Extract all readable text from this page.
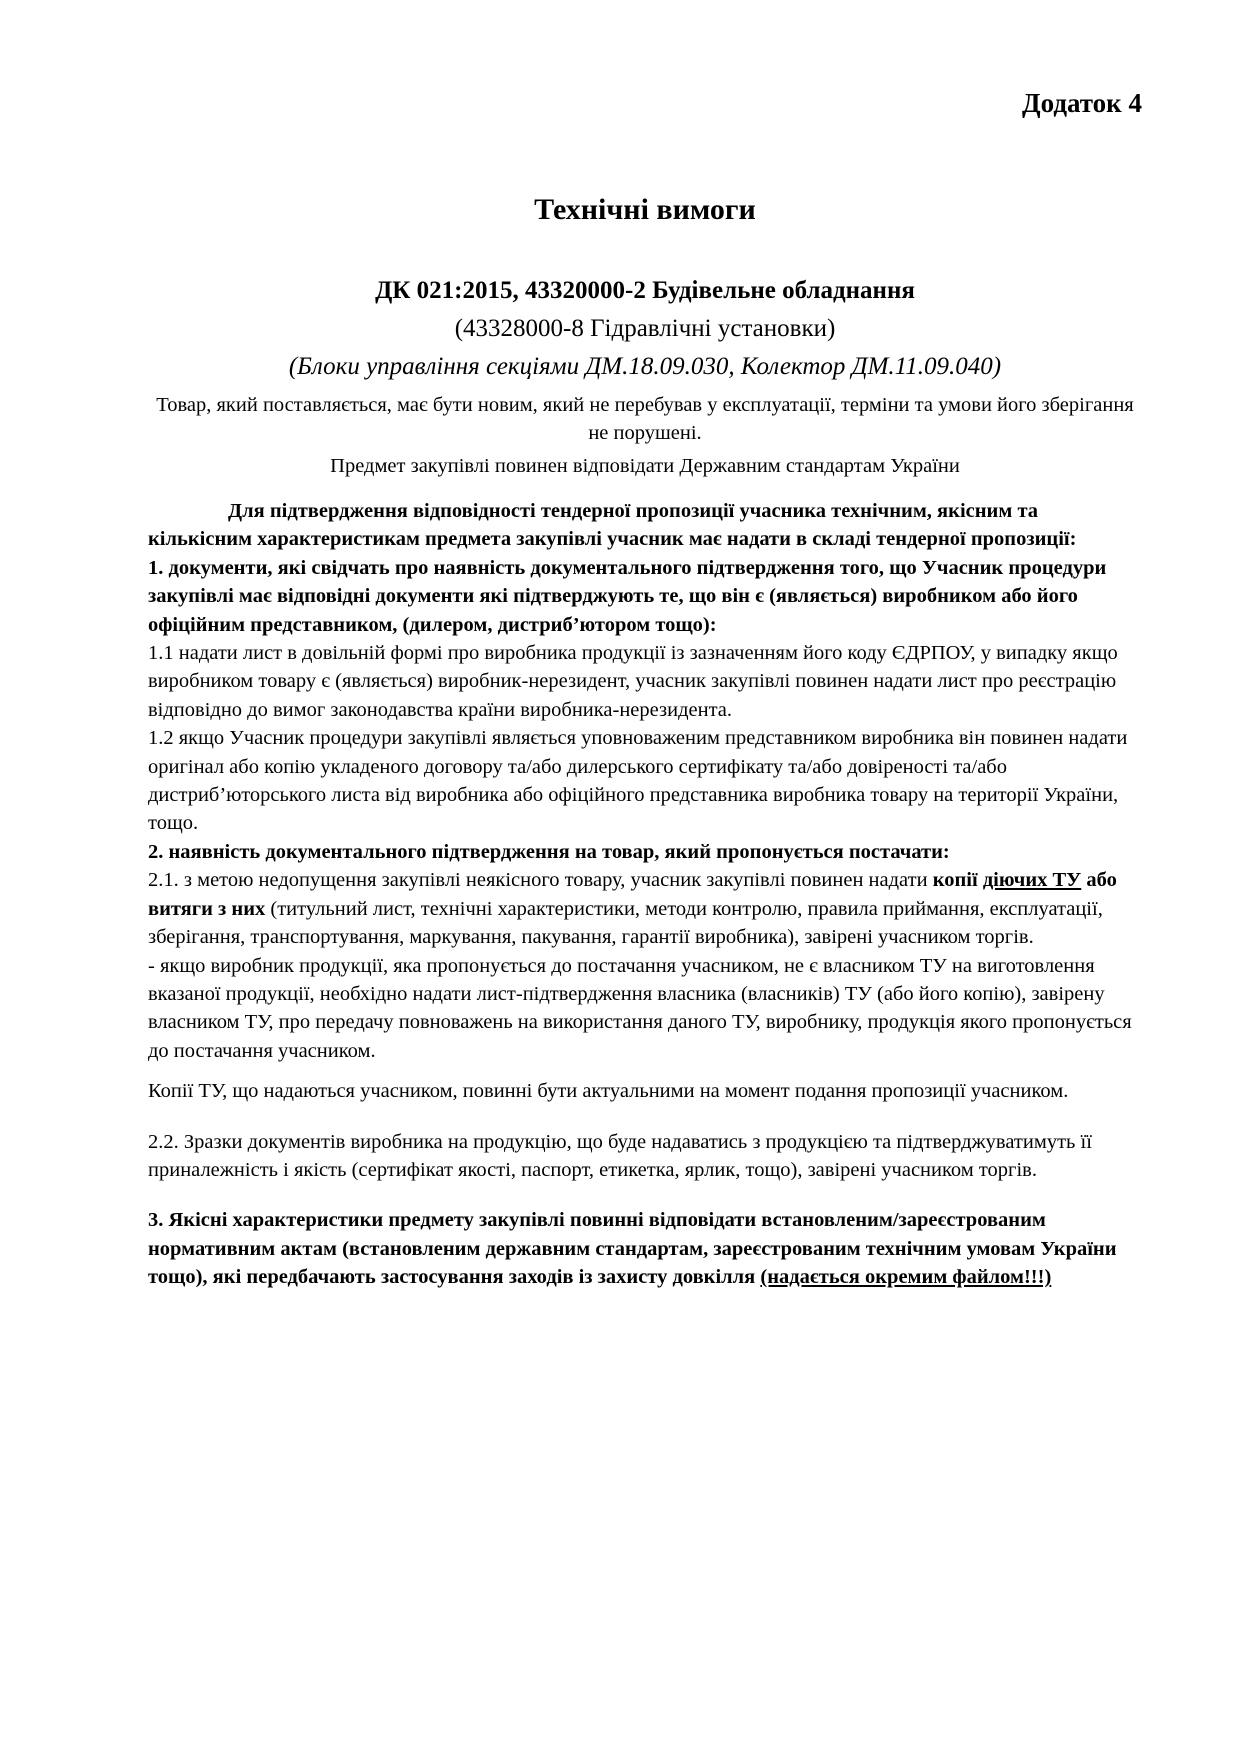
Додаток 4
Технічні вимоги
ДК 021:2015, 43320000-2 Будівельне обладнання
(43328000-8 Гідравлічні установки)
(Блоки управління секціями ДМ.18.09.030, Колектор ДМ.11.09.040)
Товар, який поставляється, має бути новим, який не перебував у експлуатації, терміни та умови його зберігання не порушені.
Предмет закупівлі повинен відповідати Державним стандартам України

Для підтвердження відповідності тендерної пропозиції учасника технічним, якісним та кількісним характеристикам предмета закупівлі учасник має надати в складі тендерної пропозиції:

1. документи, які свідчать про наявність документального підтвердження того, що Учасник процедури закупівлі має відповідні документи які підтверджують те, що він є (являється) виробником або його офіційним представником, (дилером, дистриб’ютором тощо):

1.1 надати лист в довільній формі про виробника продукції із зазначенням його коду ЄДРПОУ, у випадку якщо виробником товару є (являється) виробник-нерезидент, учасник закупівлі повинен надати лист про реєстрацію відповідно до вимог законодавства країни виробника-нерезидента.

1.2 якщо Учасник процедури закупівлі являється уповноваженим представником виробника він повинен надати оригінал або копію укладеного договору та/або дилерського сертифікату та/або довіреності та/або дистриб’юторського листа від виробника або офіційного представника виробника товару на території України, тощо.

2. наявність документального підтвердження на товар, який пропонується постачати:

2.1. з метою недопущення закупівлі неякісного товару, учасник закупівлі повинен надати копії діючих ТУ або витяги з них (титульний лист, технічні характеристики, методи контролю, правила приймання, експлуатації, зберігання, транспортування, маркування, пакування, гарантії виробника), завірені учасником торгів.

- якщо виробник продукції, яка пропонується до постачання учасником, не є власником ТУ на виготовлення вказаної продукції, необхідно надати лист-підтвердження власника (власників) ТУ (або його копію), завірену власником ТУ, про передачу повноважень на використання даного ТУ, виробнику, продукція якого пропонується до постачання учасником.

Копії ТУ, що надаються учасником, повинні бути актуальними на момент подання пропозиції учасником.

2.2. Зразки документів виробника на продукцію, що буде надаватись з продукцією та підтверджуватимуть її приналежність і якість (сертифікат якості, паспорт, етикетка, ярлик, тощо), завірені учасником торгів.

3. Якісні характеристики предмету закупівлі повинні відповідати встановленим/зареєстрованим нормативним актам (встановленим державним стандартам, зареєстрованим технічним умовам України тощо), які передбачають застосування заходів із захисту довкілля (надається окремим файлом!!!)
